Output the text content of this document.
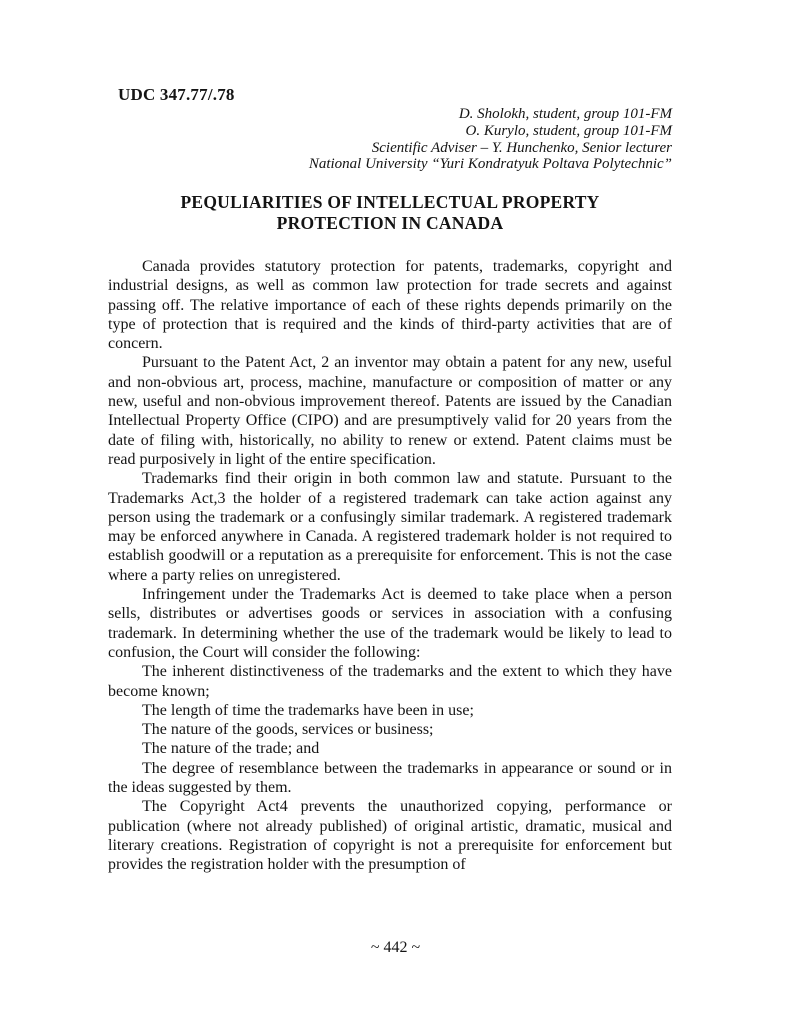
UDC 347.77/.78
D. Sholokh, student, group 101-FM
O. Kurylo, student, group 101-FM
Scientific Adviser – Y. Hunchenko, Senior lecturer
National University “Yuri Kondratyuk Poltava Polytechnic”
PEQULIARITIES OF INTELLECTUAL PROPERTY
PROTECTION IN CANADA

Canada provides statutory protection for patents, trademarks, copyright and industrial designs, as well as common law protection for trade secrets and against passing off. The relative importance of each of these rights depends primarily on the type of protection that is required and the kinds of third-party activities that are of concern.

Pursuant to the Patent Act, 2 an inventor may obtain a patent for any new, useful and non-obvious art, process, machine, manufacture or composition of matter or any new, useful and non-obvious improvement thereof. Patents are issued by the Canadian Intellectual Property Office (CIPO) and are presumptively valid for 20 years from the date of filing with, historically, no ability to renew or extend. Patent claims must be read purposively in light of the entire specification.

Trademarks find their origin in both common law and statute. Pursuant to the Trademarks Act,3 the holder of a registered trademark can take action against any person using the trademark or a confusingly similar trademark. A registered trademark may be enforced anywhere in Canada. A registered trademark holder is not required to establish goodwill or a reputation as a prerequisite for enforcement. This is not the case where a party relies on unregistered.

Infringement under the Trademarks Act is deemed to take place when a person sells, distributes or advertises goods or services in association with a confusing trademark. In determining whether the use of the trademark would be likely to lead to confusion, the Court will consider the following:

The inherent distinctiveness of the trademarks and the extent to which they have become known;

The length of time the trademarks have been in use;

The nature of the goods, services or business;

The nature of the trade; and

The degree of resemblance between the trademarks in appearance or sound or in the ideas suggested by them.

The Copyright Act4 prevents the unauthorized copying, performance or publication (where not already published) of original artistic, dramatic, musical and literary creations. Registration of copyright is not a prerequisite for enforcement but provides the registration holder with the presumption of

~ 442 ~
